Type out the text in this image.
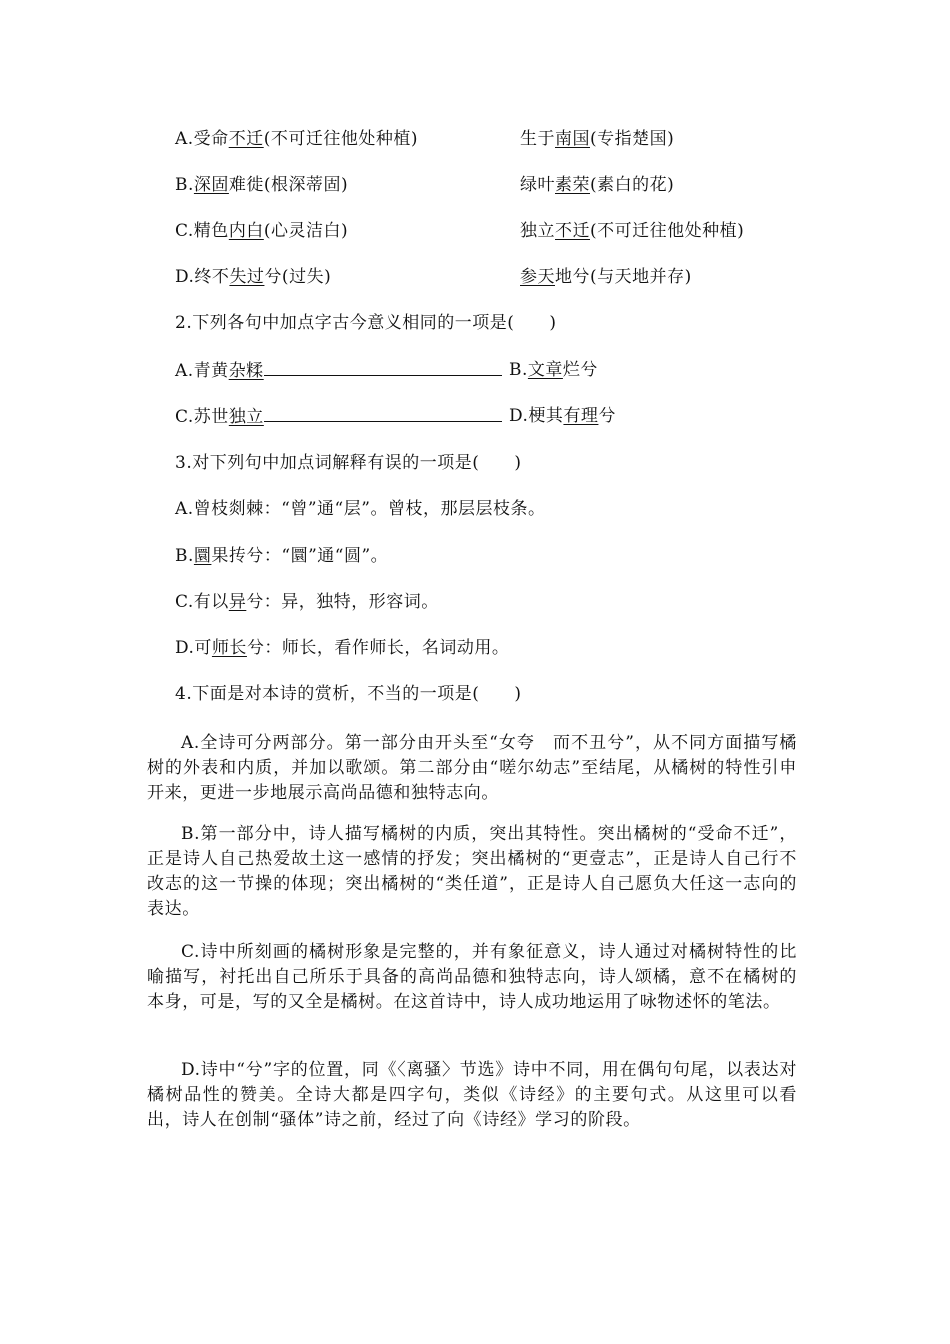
A.受命不迁(不可迁往他处种植)	生于南国(专指楚国)
B.深固难徙(根深蒂固)	绿叶素荣(素白的花)
C.精色内白(心灵洁白)	独立不迁(不可迁往他处种植)
D.终不失过兮(过失)	参天地兮(与天地并存)
2.下列各句中加点字古今意义相同的一项是(　　)
A.青黄杂糅	B.文章烂兮
C.苏世独立	D.梗其有理兮
3.对下列句中加点词解释有误的一项是(　　)
A.曾枝剡棘：“曾”通“层”。曾枝，那层层枝条。
B.圜果抟兮：“圜”通“圆”。
C.有以异兮：异，独特，形容词。
D.可师长兮：师长，看作师长，名词动用。
4.下面是对本诗的赏析，不当的一项是(　　)
A.全诗可分两部分。第一部分由开头至“女夸　而不丑兮”，从不同方面描写橘树的外表和内质，并加以歌颂。第二部分由“嗟尔幼志”至结尾，从橘树的特性引申开来，更进一步地展示高尚品德和独特志向。
B.第一部分中，诗人描写橘树的内质，突出其特性。突出橘树的“受命不迁”，正是诗人自己热爱故土这一感情的抒发；突出橘树的“更壹志”，正是诗人自己行不改志的这一节操的体现；突出橘树的“类任道”，正是诗人自己愿负大任这一志向的表达。
C.诗中所刻画的橘树形象是完整的，并有象征意义，诗人通过对橘树特性的比喻描写，衬托出自己所乐于具备的高尚品德和独特志向，诗人颂橘，意不在橘树的本身，可是，写的又全是橘树。在这首诗中，诗人成功地运用了咏物述怀的笔法。
D.诗中“兮”字的位置，同《〈离骚〉节选》诗中不同，用在偶句句尾，以表达对橘树品性的赞美。全诗大都是四字句，类似《诗经》的主要句式。从这里可以看出，诗人在创制“骚体”诗之前，经过了向《诗经》学习的阶段。
